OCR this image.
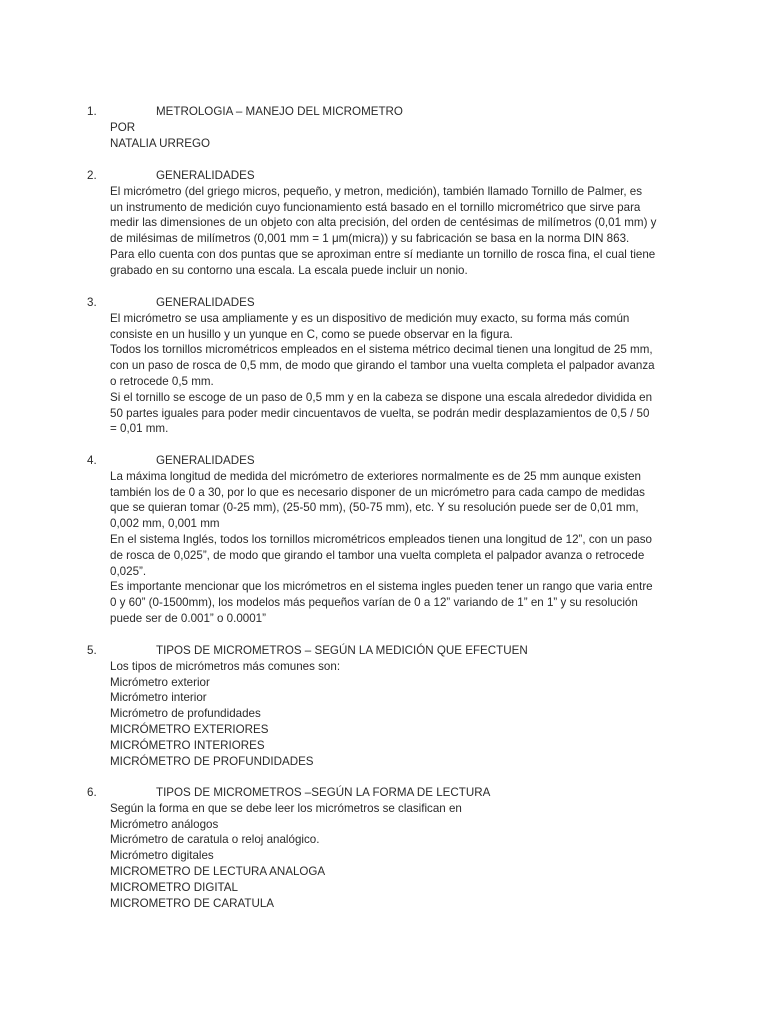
1.	METROLOGIA – MANEJO DEL MICROMETRO
POR
NATALIA URREGO
2.	GENERALIDADES
El micrómetro (del griego micros, pequeño, y metron, medición), también llamado Tornillo de Palmer, es
un instrumento de medición cuyo funcionamiento está basado en el tornillo micrométrico que sirve para
medir las dimensiones de un objeto con alta precisión, del orden de centésimas de milímetros (0,01 mm) y
de milésimas de milímetros (0,001 mm = 1 μm(micra)) y su fabricación se basa en la norma DIN 863.
Para ello cuenta con dos puntas que se aproximan entre sí mediante un tornillo de rosca fina, el cual tiene
grabado en su contorno una escala. La escala puede incluir un nonio.
3.	GENERALIDADES
El micrómetro se usa ampliamente y es un dispositivo de medición muy exacto, su forma más común
consiste en un husillo y un yunque en C, como se puede observar en la figura.
Todos los tornillos micrométricos empleados en el sistema métrico decimal tienen una longitud de 25 mm,
con un paso de rosca de 0,5 mm, de modo que girando el tambor una vuelta completa el palpador avanza
o retrocede 0,5 mm.
Si el tornillo se escoge de un paso de 0,5 mm y en la cabeza se dispone una escala alrededor dividida en
50 partes iguales para poder medir cincuentavos de vuelta, se podrán medir desplazamientos de 0,5 / 50
= 0,01 mm.
4.	GENERALIDADES
La máxima longitud de medida del micrómetro de exteriores normalmente es de 25 mm aunque existen
también los de 0 a 30, por lo que es necesario disponer de un micrómetro para cada campo de medidas
que se quieran tomar (0-25 mm), (25-50 mm), (50-75 mm), etc. Y su resolución puede ser de 0,01 mm,
0,002 mm, 0,001 mm
En el sistema Inglés, todos los tornillos micrométricos empleados tienen una longitud de 12”, con un paso
de rosca de 0,025”, de modo que girando el tambor una vuelta completa el palpador avanza o retrocede
0,025”.
Es importante mencionar que los micrómetros en el sistema ingles pueden tener un rango que varia entre
0 y 60” (0-1500mm), los modelos más pequeños varían de 0 a 12” variando de 1” en 1” y su resolución
puede ser de 0.001” o 0.0001”
5.	TIPOS DE MICROMETROS – SEGÚN LA MEDICIÓN QUE EFECTUEN
Los tipos de micrómetros más comunes son:
Micrómetro exterior
Micrómetro interior
Micrómetro de profundidades
MICRÓMETRO EXTERIORES
MICRÓMETRO INTERIORES
MICRÓMETRO DE PROFUNDIDADES
6.	TIPOS DE MICROMETROS –SEGÚN LA FORMA DE LECTURA
Según la forma en que se debe leer los micrómetros se clasifican en
Micrómetro análogos
Micrómetro de caratula o reloj analógico.
Micrómetro digitales
MICROMETRO DE LECTURA ANALOGA
MICROMETRO DIGITAL
MICROMETRO DE CARATULA
